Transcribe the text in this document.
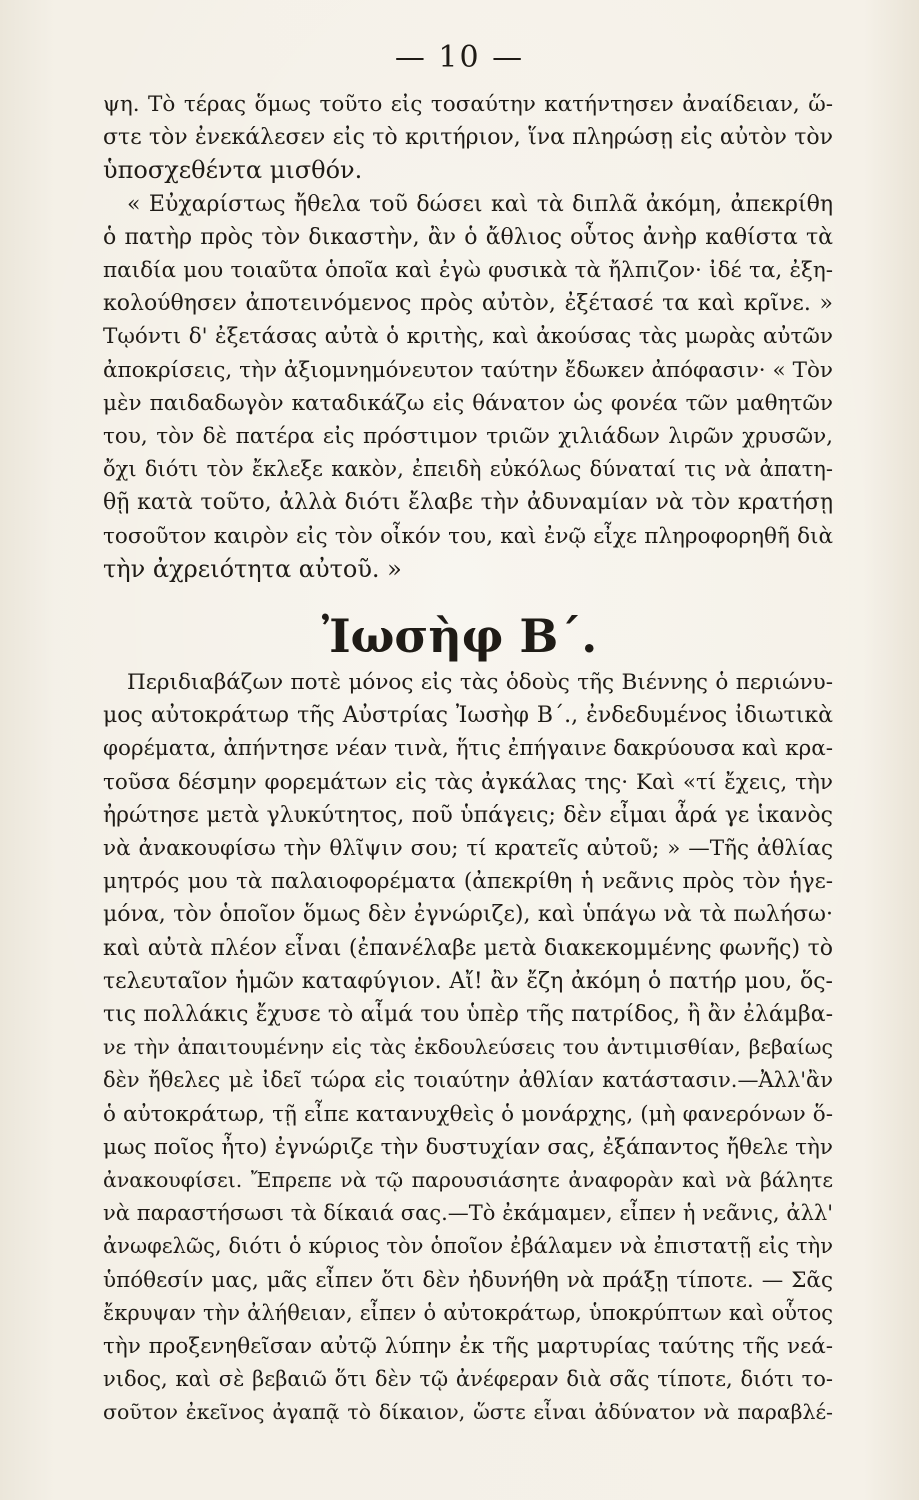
— 10 —
ψη. Τὸ τέρας ὅμως τοῦτο εἰς τοσαύτην κατήντησεν ἀναίδειαν, ὥ-
στε τὸν ἐνεκάλεσεν εἰς τὸ κριτήριον, ἵνα πληρώσῃ εἰς αὐτὸν τὸν
ὑποσχεθέντα μισθόν.
« Εὐχαρίστως ἤθελα τοῦ δώσει καὶ τὰ διπλᾶ ἀκόμη, ἀπεκρίθη
ὁ πατὴρ πρὸς τὸν δικαστὴν, ἂν ὁ ἄθλιος οὗτος ἀνὴρ καθίστα τὰ
παιδία μου τοιαῦτα ὁποῖα καὶ ἐγὼ φυσικὰ τὰ ἤλπιζον· ἰδέ τα, ἐξη-
κολούθησεν ἀποτεινόμενος πρὸς αὐτὸν, ἐξέτασέ τα καὶ κρῖνε. »
Τῳόντι δ' ἐξετάσας αὐτὰ ὁ κριτὴς, καὶ ἀκούσας τὰς μωρὰς αὐτῶν
ἀποκρίσεις, τὴν ἀξιομνημόνευτον ταύτην ἔδωκεν ἀπόφασιν· « Τὸν
μὲν παιδαδωγὸν καταδικάζω εἰς θάνατον ὡς φονέα τῶν μαθητῶν
του, τὸν δὲ πατέρα εἰς πρόστιμον τριῶν χιλιάδων λιρῶν χρυσῶν,
ὄχι διότι τὸν ἔκλεξε κακὸν, ἐπειδὴ εὐκόλως δύναταί τις νὰ ἀπατη-
θῇ κατὰ τοῦτο, ἀλλὰ διότι ἔλαβε τὴν ἀδυναμίαν νὰ τὸν κρατήσῃ
τοσοῦτον καιρὸν εἰς τὸν οἶκόν του, καὶ ἐνῷ εἶχε πληροφορηθῆ διὰ
τὴν ἀχρειότητα αὐτοῦ. »
Ἰωσὴφ Β΄.
Περιδιαβάζων ποτὲ μόνος εἰς τὰς ὁδοὺς τῆς Βιέννης ὁ περιώνυ-
μος αὐτοκράτωρ τῆς Αὐστρίας Ἰωσὴφ Β΄., ἐνδεδυμένος ἰδιωτικὰ
φορέματα, ἀπήντησε νέαν τινὰ, ἥτις ἐπήγαινε δακρύουσα καὶ κρα-
τοῦσα δέσμην φορεμάτων εἰς τὰς ἀγκάλας της· Καὶ «τί ἔχεις, τὴν
ἠρώτησε μετὰ γλυκύτητος, ποῦ ὑπάγεις; δὲν εἶμαι ἆρά γε ἱκανὸς
νὰ ἀνακουφίσω τὴν θλῖψιν σου; τί κρατεῖς αὐτοῦ; » —Τῆς ἀθλίας
μητρός μου τὰ παλαιοφορέματα (ἀπεκρίθη ἡ νεᾶνις πρὸς τὸν ἡγε-
μόνα, τὸν ὁποῖον ὅμως δὲν ἐγνώριζε), καὶ ὑπάγω νὰ τὰ πωλήσω·
καὶ αὐτὰ πλέον εἶναι (ἐπανέλαβε μετὰ διακεκομμένης φωνῆς) τὸ
τελευταῖον ἡμῶν καταφύγιον. Αἴ! ἂν ἔζη ἀκόμη ὁ πατήρ μου, ὅς-
τις πολλάκις ἔχυσε τὸ αἷμά του ὑπὲρ τῆς πατρίδος, ἢ ἂν ἐλάμβα-
νε τὴν ἀπαιτουμένην εἰς τὰς ἐκδουλεύσεις του ἀντιμισθίαν, βεβαίως
δὲν ἤθελες μὲ ἰδεῖ τώρα εἰς τοιαύτην ἀθλίαν κατάστασιν.—Ἀλλ'ἂν
ὁ αὐτοκράτωρ, τῇ εἶπε κατανυχθεὶς ὁ μονάρχης, (μὴ φανερόνων ὅ-
μως ποῖος ἦτο) ἐγνώριζε τὴν δυστυχίαν σας, ἐξάπαντος ἤθελε τὴν
ἀνακουφίσει. Ἔπρεπε νὰ τῷ παρουσιάσητε ἀναφορὰν καὶ νὰ βάλητε
νὰ παραστήσωσι τὰ δίκαιά σας.—Τὸ ἐκάμαμεν, εἶπεν ἡ νεᾶνις, ἀλλ'
ἀνωφελῶς, διότι ὁ κύριος τὸν ὁποῖον ἐβάλαμεν νὰ ἐπιστατῇ εἰς τὴν
ὑπόθεσίν μας, μᾶς εἶπεν ὅτι δὲν ἠδυνήθη νὰ πράξῃ τίποτε. — Σᾶς
ἔκρυψαν τὴν ἀλήθειαν, εἶπεν ὁ αὐτοκράτωρ, ὑποκρύπτων καὶ οὗτος
τὴν προξενηθεῖσαν αὐτῷ λύπην ἐκ τῆς μαρτυρίας ταύτης τῆς νεά-
νιδος, καὶ σὲ βεβαιῶ ὅτι δὲν τῷ ἀνέφεραν διὰ σᾶς τίποτε, διότι το-
σοῦτον ἐκεῖνος ἀγαπᾷ τὸ δίκαιον, ὥστε εἶναι ἀδύνατον νὰ παραβλέ-
